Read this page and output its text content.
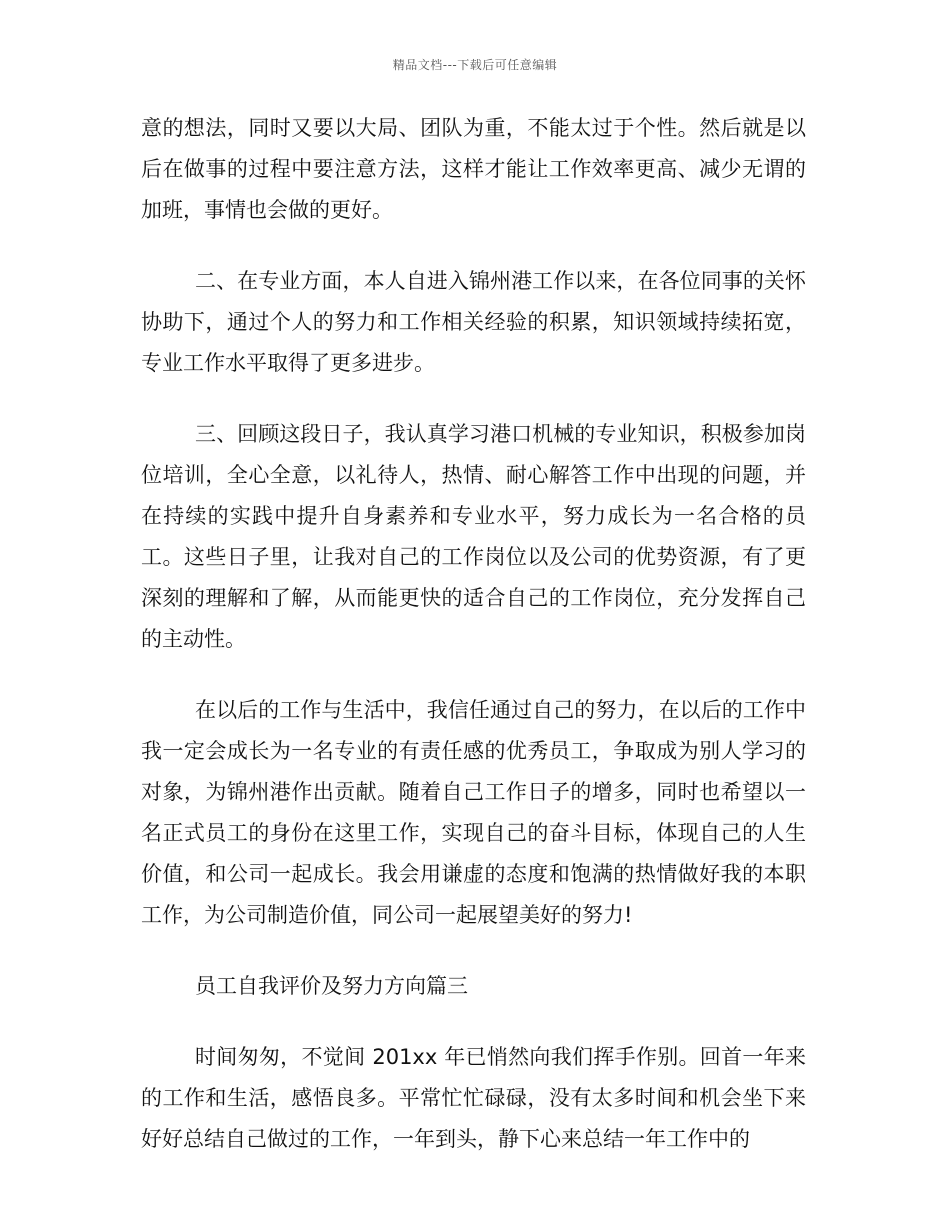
精品文档---下载后可任意编辑

意的想法，同时又要以大局、团队为重，不能太过于个性。然后就是以后在做事的过程中要注意方法，这样才能让工作效率更高、减少无谓的加班，事情也会做的更好。

二、在专业方面，本人自进入锦州港工作以来，在各位同事的关怀协助下，通过个人的努力和工作相关经验的积累，知识领域持续拓宽，专业工作水平取得了更多进步。

三、回顾这段日子，我认真学习港口机械的专业知识，积极参加岗位培训，全心全意，以礼待人，热情、耐心解答工作中出现的问题，并在持续的实践中提升自身素养和专业水平，努力成长为一名合格的员工。这些日子里，让我对自己的工作岗位以及公司的优势资源，有了更深刻的理解和了解，从而能更快的适合自己的工作岗位，充分发挥自己的主动性。

在以后的工作与生活中，我信任通过自己的努力，在以后的工作中我一定会成长为一名专业的有责任感的优秀员工，争取成为别人学习的对象，为锦州港作出贡献。随着自己工作日子的增多，同时也希望以一名正式员工的身份在这里工作，实现自己的奋斗目标，体现自己的人生价值，和公司一起成长。我会用谦虚的态度和饱满的热情做好我的本职工作，为公司制造价值，同公司一起展望美好的努力!

员工自我评价及努力方向篇三

时间匆匆，不觉间 201xx 年已悄然向我们挥手作别。回首一年来的工作和生活，感悟良多。平常忙忙碌碌，没有太多时间和机会坐下来好好总结自己做过的工作，一年到头，静下心来总结一年工作中的
